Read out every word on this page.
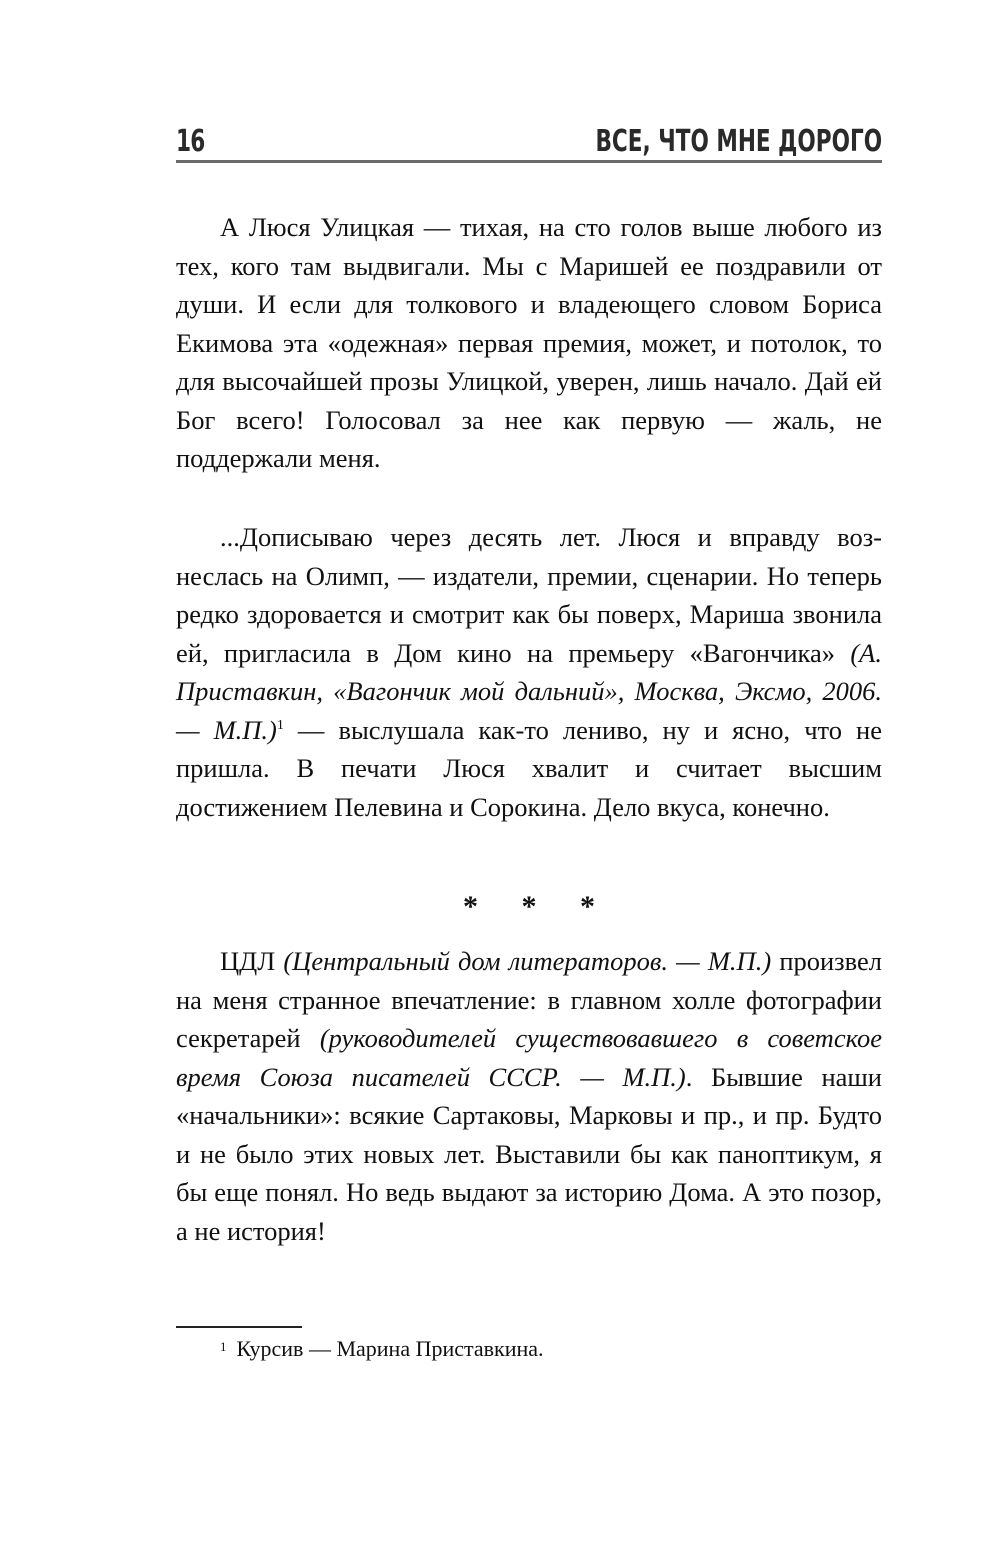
16	ВСЕ, ЧТО МНЕ ДОРОГО

А Люся Улицкая — тихая, на сто голов выше любого из тех, кого там выдвигали. Мы с Маришей ее поздравили от души. И если для толкового и владеющего словом Бориса Екимова эта «одежная» первая премия, может, и потолок, то для высочайшей прозы Улицкой, уверен, лишь начало. Дай ей Бог всего! Голосовал за нее как первую — жаль, не поддержали меня.

...Дописываю через десять лет. Люся и вправду вознеслась на Олимп, — издатели, премии, сценарии. Но теперь редко здоровается и смотрит как бы поверх, Мариша звонила ей, пригласила в Дом кино на премьеру «Вагончика» (А. Приставкин, «Вагончик мой дальний», Москва, Эксмо, 2006. — М.П.)$^1$ — выслушала как-то лениво, ну и ясно, что не пришла. В печати Люся хвалит и считает высшим достижением Пелевина и Сорокина. Дело вкуса, конечно.

* * *

ЦДЛ (Центральный дом литераторов. — М.П.) произвел на меня странное впечатление: в главном холле фотографии секретарей (руководителей существовавшего в советское время Союза писателей СССР. — М.П.). Бывшие наши «начальники»: всякие Сартаковы, Марковы и пр., и пр. Будто и не было этих новых лет. Выставили бы как паноптикум, я бы еще понял. Но ведь выдают за историю Дома. А это позор, а не история!

$^1$ Курсив — Марина Приставкина.
